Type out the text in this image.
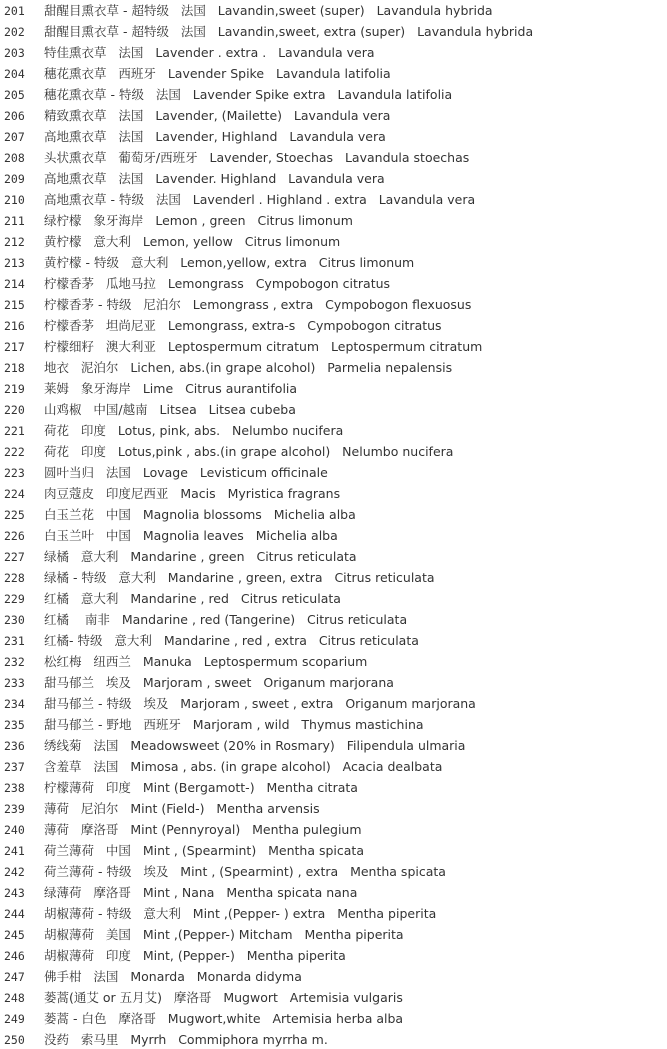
201 甜醒目熏衣草 - 超特级   法国   Lavandin,sweet (super)   Lavandula hybrida
202 甜醒目熏衣草 - 超特级   法国   Lavandin,sweet, extra (super)   Lavandula hybrida
203 特佳熏衣草   法国   Lavender . extra .   Lavandula vera
204 穗花熏衣草   西班牙   Lavender Spike   Lavandula latifolia
205 穗花熏衣草 - 特级   法国   Lavender Spike extra   Lavandula latifolia
206 精致熏衣草   法国   Lavender, (Mailette)   Lavandula vera
207 高地熏衣草   法国   Lavender, Highland   Lavandula vera
208 头状熏衣草   葡萄牙/西班牙   Lavender, Stoechas   Lavandula stoechas
209 高地熏衣草   法国   Lavender. Highland   Lavandula vera
210 高地熏衣草 - 特级   法国   Lavenderl . Highland . extra   Lavandula vera
211 绿柠檬   象牙海岸   Lemon , green   Citrus limonum
212 黄柠檬   意大利   Lemon, yellow   Citrus limonum
213 黄柠檬 - 特级   意大利   Lemon,yellow, extra   Citrus limonum
214 柠檬香茅   瓜地马拉   Lemongrass   Cympobogon citratus
215 柠檬香茅 - 特级   尼泊尔   Lemongrass , extra   Cympobogon flexuosus
216 柠檬香茅   坦尚尼亚   Lemongrass, extra-s   Cympobogon citratus
217 柠檬细籽   澳大利亚   Leptospermum citratum   Leptospermum citratum
218 地衣   泥泊尔   Lichen, abs.(in grape alcohol)   Parmelia nepalensis
219 莱姆   象牙海岸   Lime   Citrus aurantifolia
220 山鸡椒   中国/越南   Litsea   Litsea cubeba
221 荷花   印度   Lotus, pink, abs.   Nelumbo nucifera
222 荷花   印度   Lotus,pink , abs.(in grape alcohol)   Nelumbo nucifera
223 圆叶当归   法国   Lovage   Levisticum officinale
224 肉豆蔻皮   印度尼西亚   Macis   Myristica fragrans
225 白玉兰花   中国   Magnolia blossoms   Michelia alba
226 白玉兰叶   中国   Magnolia leaves   Michelia alba
227 绿橘   意大利   Mandarine , green   Citrus reticulata
228 绿橘 - 特级   意大利   Mandarine , green, extra   Citrus reticulata
229 红橘   意大利   Mandarine , red   Citrus reticulata
230 红橘    南非   Mandarine , red (Tangerine)   Citrus reticulata
231 红橘- 特级   意大利   Mandarine , red , extra   Citrus reticulata
232 松红梅   纽西兰   Manuka   Leptospermum scoparium
233 甜马郁兰   埃及   Marjoram , sweet   Origanum marjorana
234 甜马郁兰 - 特级   埃及   Marjoram , sweet , extra   Origanum marjorana
235 甜马郁兰 - 野地   西班牙   Marjoram , wild   Thymus mastichina
236 绣线菊   法国   Meadowsweet (20% in Rosmary)   Filipendula ulmaria
237 含羞草   法国   Mimosa , abs. (in grape alcohol)   Acacia dealbata
238 柠檬薄荷   印度   Mint (Bergamott-)   Mentha citrata
239 薄荷   尼泊尔   Mint (Field-)   Mentha arvensis
240 薄荷   摩洛哥   Mint (Pennyroyal)   Mentha pulegium
241 荷兰薄荷   中国   Mint , (Spearmint)   Mentha spicata
242 荷兰薄荷 - 特级   埃及   Mint , (Spearmint) , extra   Mentha spicata
243 绿薄荷   摩洛哥   Mint , Nana   Mentha spicata nana
244 胡椒薄荷 - 特级   意大利   Mint ,(Pepper- ) extra   Mentha piperita
245 胡椒薄荷   美国   Mint ,(Pepper-) Mitcham   Mentha piperita
246 胡椒薄荷   印度   Mint, (Pepper-)   Mentha piperita
247 佛手柑   法国   Monarda   Monarda didyma
248 蒌蒿(通艾 or 五月艾)   摩洛哥   Mugwort   Artemisia vulgaris
249 蒌蒿 - 白色   摩洛哥   Mugwort,white   Artemisia herba alba
250 没药   索马里   Myrrh   Commiphora myrrha m.
